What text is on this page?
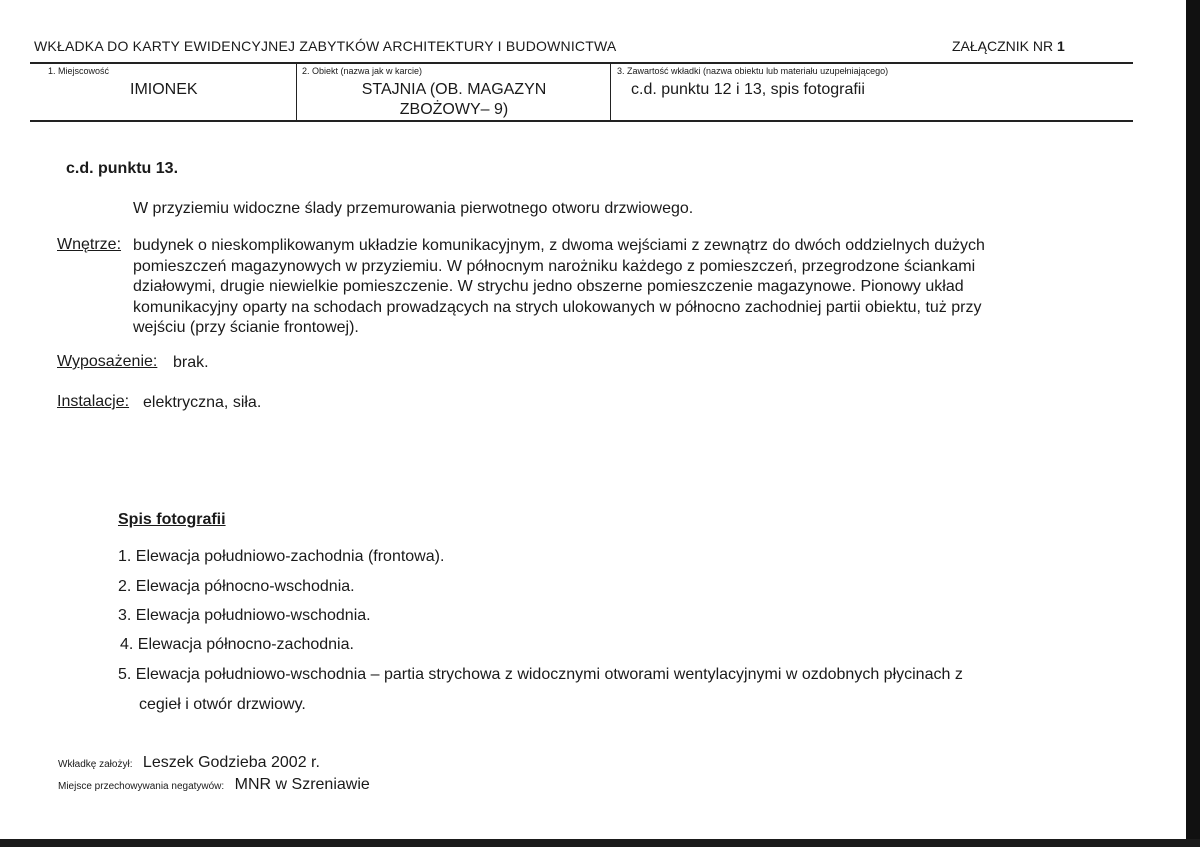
WKŁADKA DO KARTY EWIDENCYJNEJ ZABYTKÓW ARCHITEKTURY I BUDOWNICTWA	ZAŁĄCZNIK NR 1
1. Miejscowość
IMIONEK
2. Obiekt (nazwa jak w karcie)
STAJNIA (OB. MAGAZYN
ZBOŻOWY– 9)
3. Zawartość wkładki (nazwa obiektu lub materiału uzupełniającego)
c.d. punktu 12 i 13, spis fotografii
c.d. punktu 13.
W przyziemiu widoczne ślady przemurowania pierwotnego otworu drzwiowego.
Wnętrze: budynek o nieskomplikowanym układzie komunikacyjnym, z dwoma wejściami z zewnątrz do dwóch oddzielnych dużych
pomieszczeń magazynowych w przyziemiu. W północnym narożniku każdego z pomieszczeń, przegrodzone ściankami
działowymi, drugie niewielkie pomieszczenie. W strychu jedno obszerne pomieszczenie magazynowe. Pionowy układ
komunikacyjny oparty na schodach prowadzących na strych ulokowanych w północno zachodniej partii obiektu, tuż przy
wejściu (przy ścianie frontowej).
Wyposażenie: brak.
Instalacje: elektryczna, siła.
Spis fotografii
1. Elewacja południowo-zachodnia (frontowa).
2. Elewacja północno-wschodnia.
3. Elewacja południowo-wschodnia.
4. Elewacja północno-zachodnia.
5. Elewacja południowo-wschodnia – partia strychowa z widocznymi otworami wentylacyjnymi w ozdobnych płycinach z
cegieł i otwór drzwiowy.
Wkładkę założył: Leszek Godzieba 2002 r.
Miejsce przechowywania negatywów: MNR w Szreniawie
